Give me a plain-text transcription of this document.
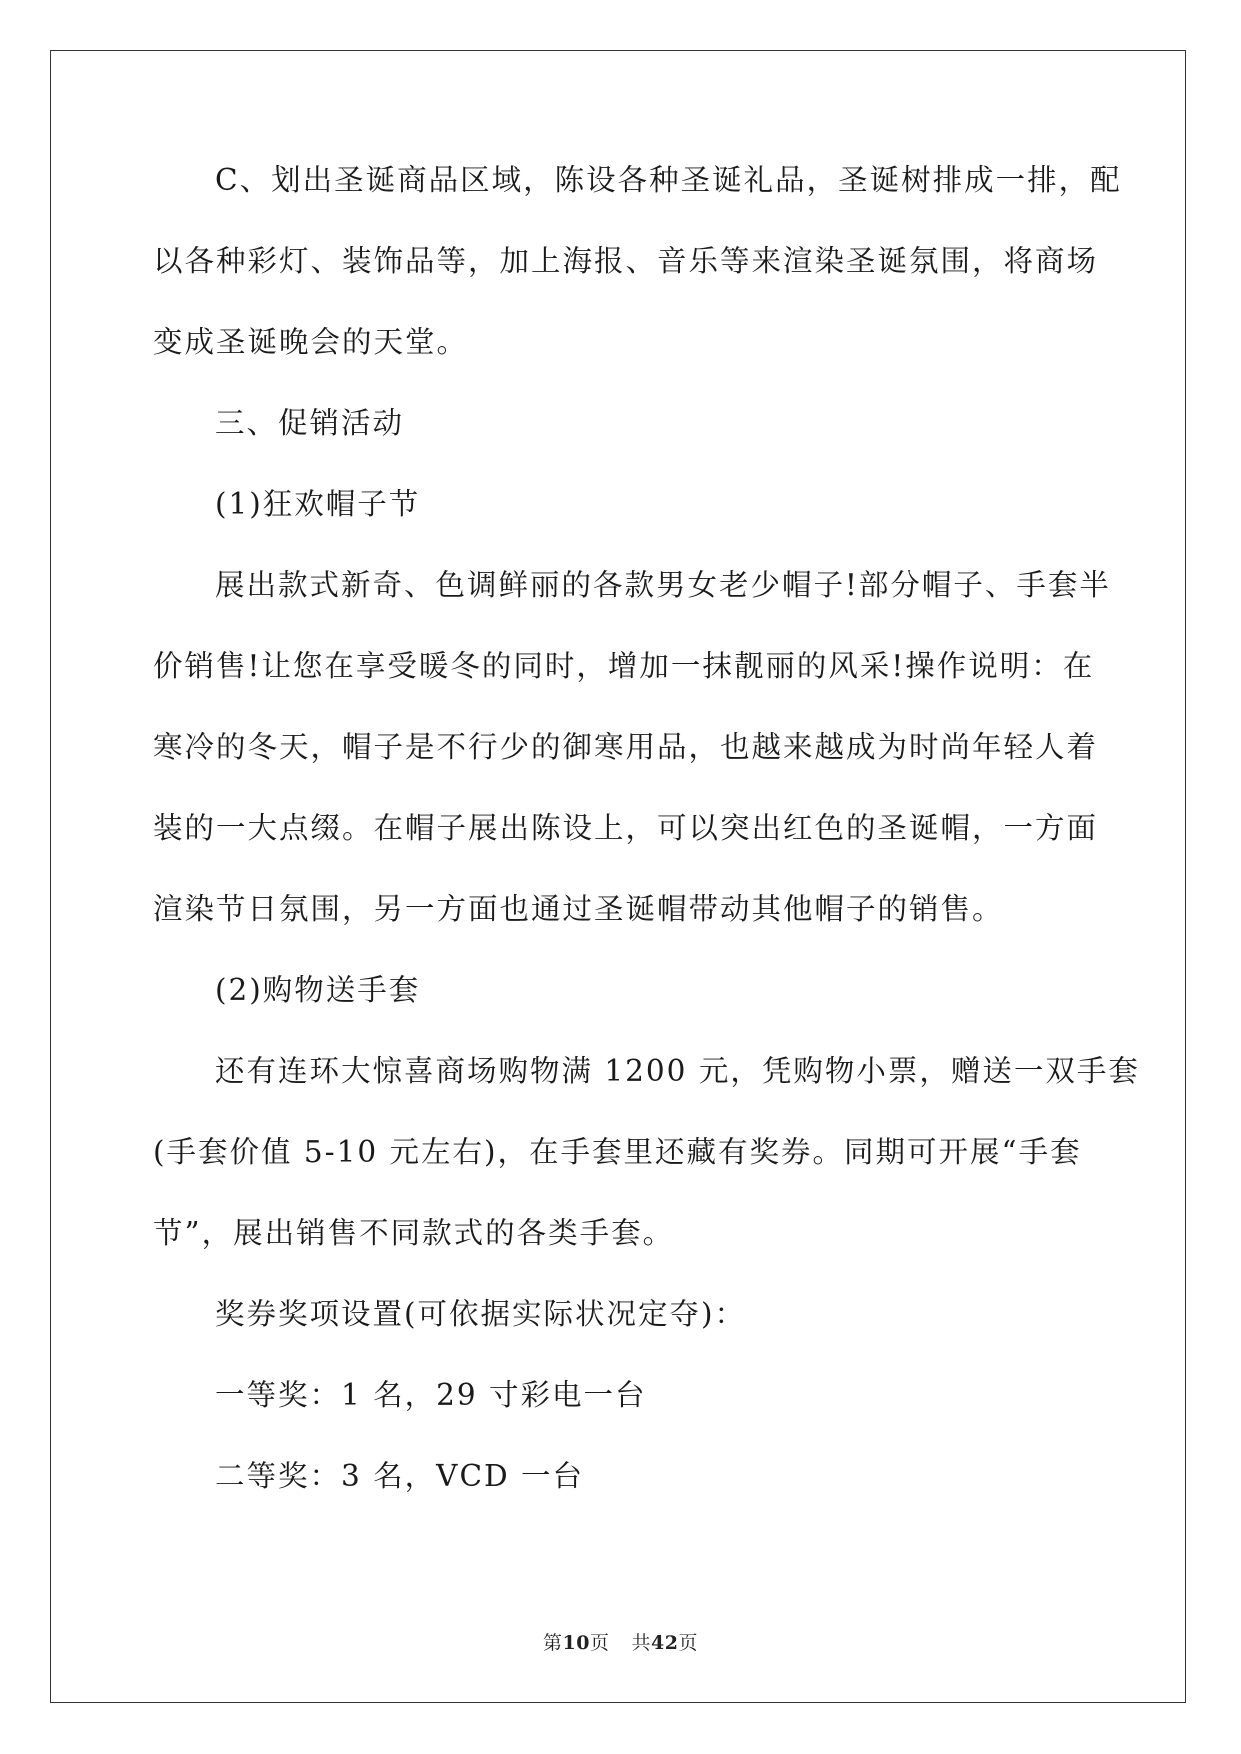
C、划出圣诞商品区域，陈设各种圣诞礼品，圣诞树排成一排，配
以各种彩灯、装饰品等，加上海报、音乐等来渲染圣诞氛围，将商场
变成圣诞晚会的天堂。
三、促销活动
(1)狂欢帽子节
展出款式新奇、色调鲜丽的各款男女老少帽子!部分帽子、手套半
价销售!让您在享受暖冬的同时，增加一抹靓丽的风采!操作说明：在
寒冷的冬天，帽子是不行少的御寒用品，也越来越成为时尚年轻人着
装的一大点缀。在帽子展出陈设上，可以突出红色的圣诞帽，一方面
渲染节日氛围，另一方面也通过圣诞帽带动其他帽子的销售。
(2)购物送手套
还有连环大惊喜商场购物满 1200 元，凭购物小票，赠送一双手套
(手套价值 5-10 元左右)，在手套里还藏有奖券。同期可开展“手套
节”，展出销售不同款式的各类手套。
奖券奖项设置(可依据实际状况定夺)：
一等奖：1 名，29 寸彩电一台
二等奖：3 名，VCD 一台
第10页 共42页
